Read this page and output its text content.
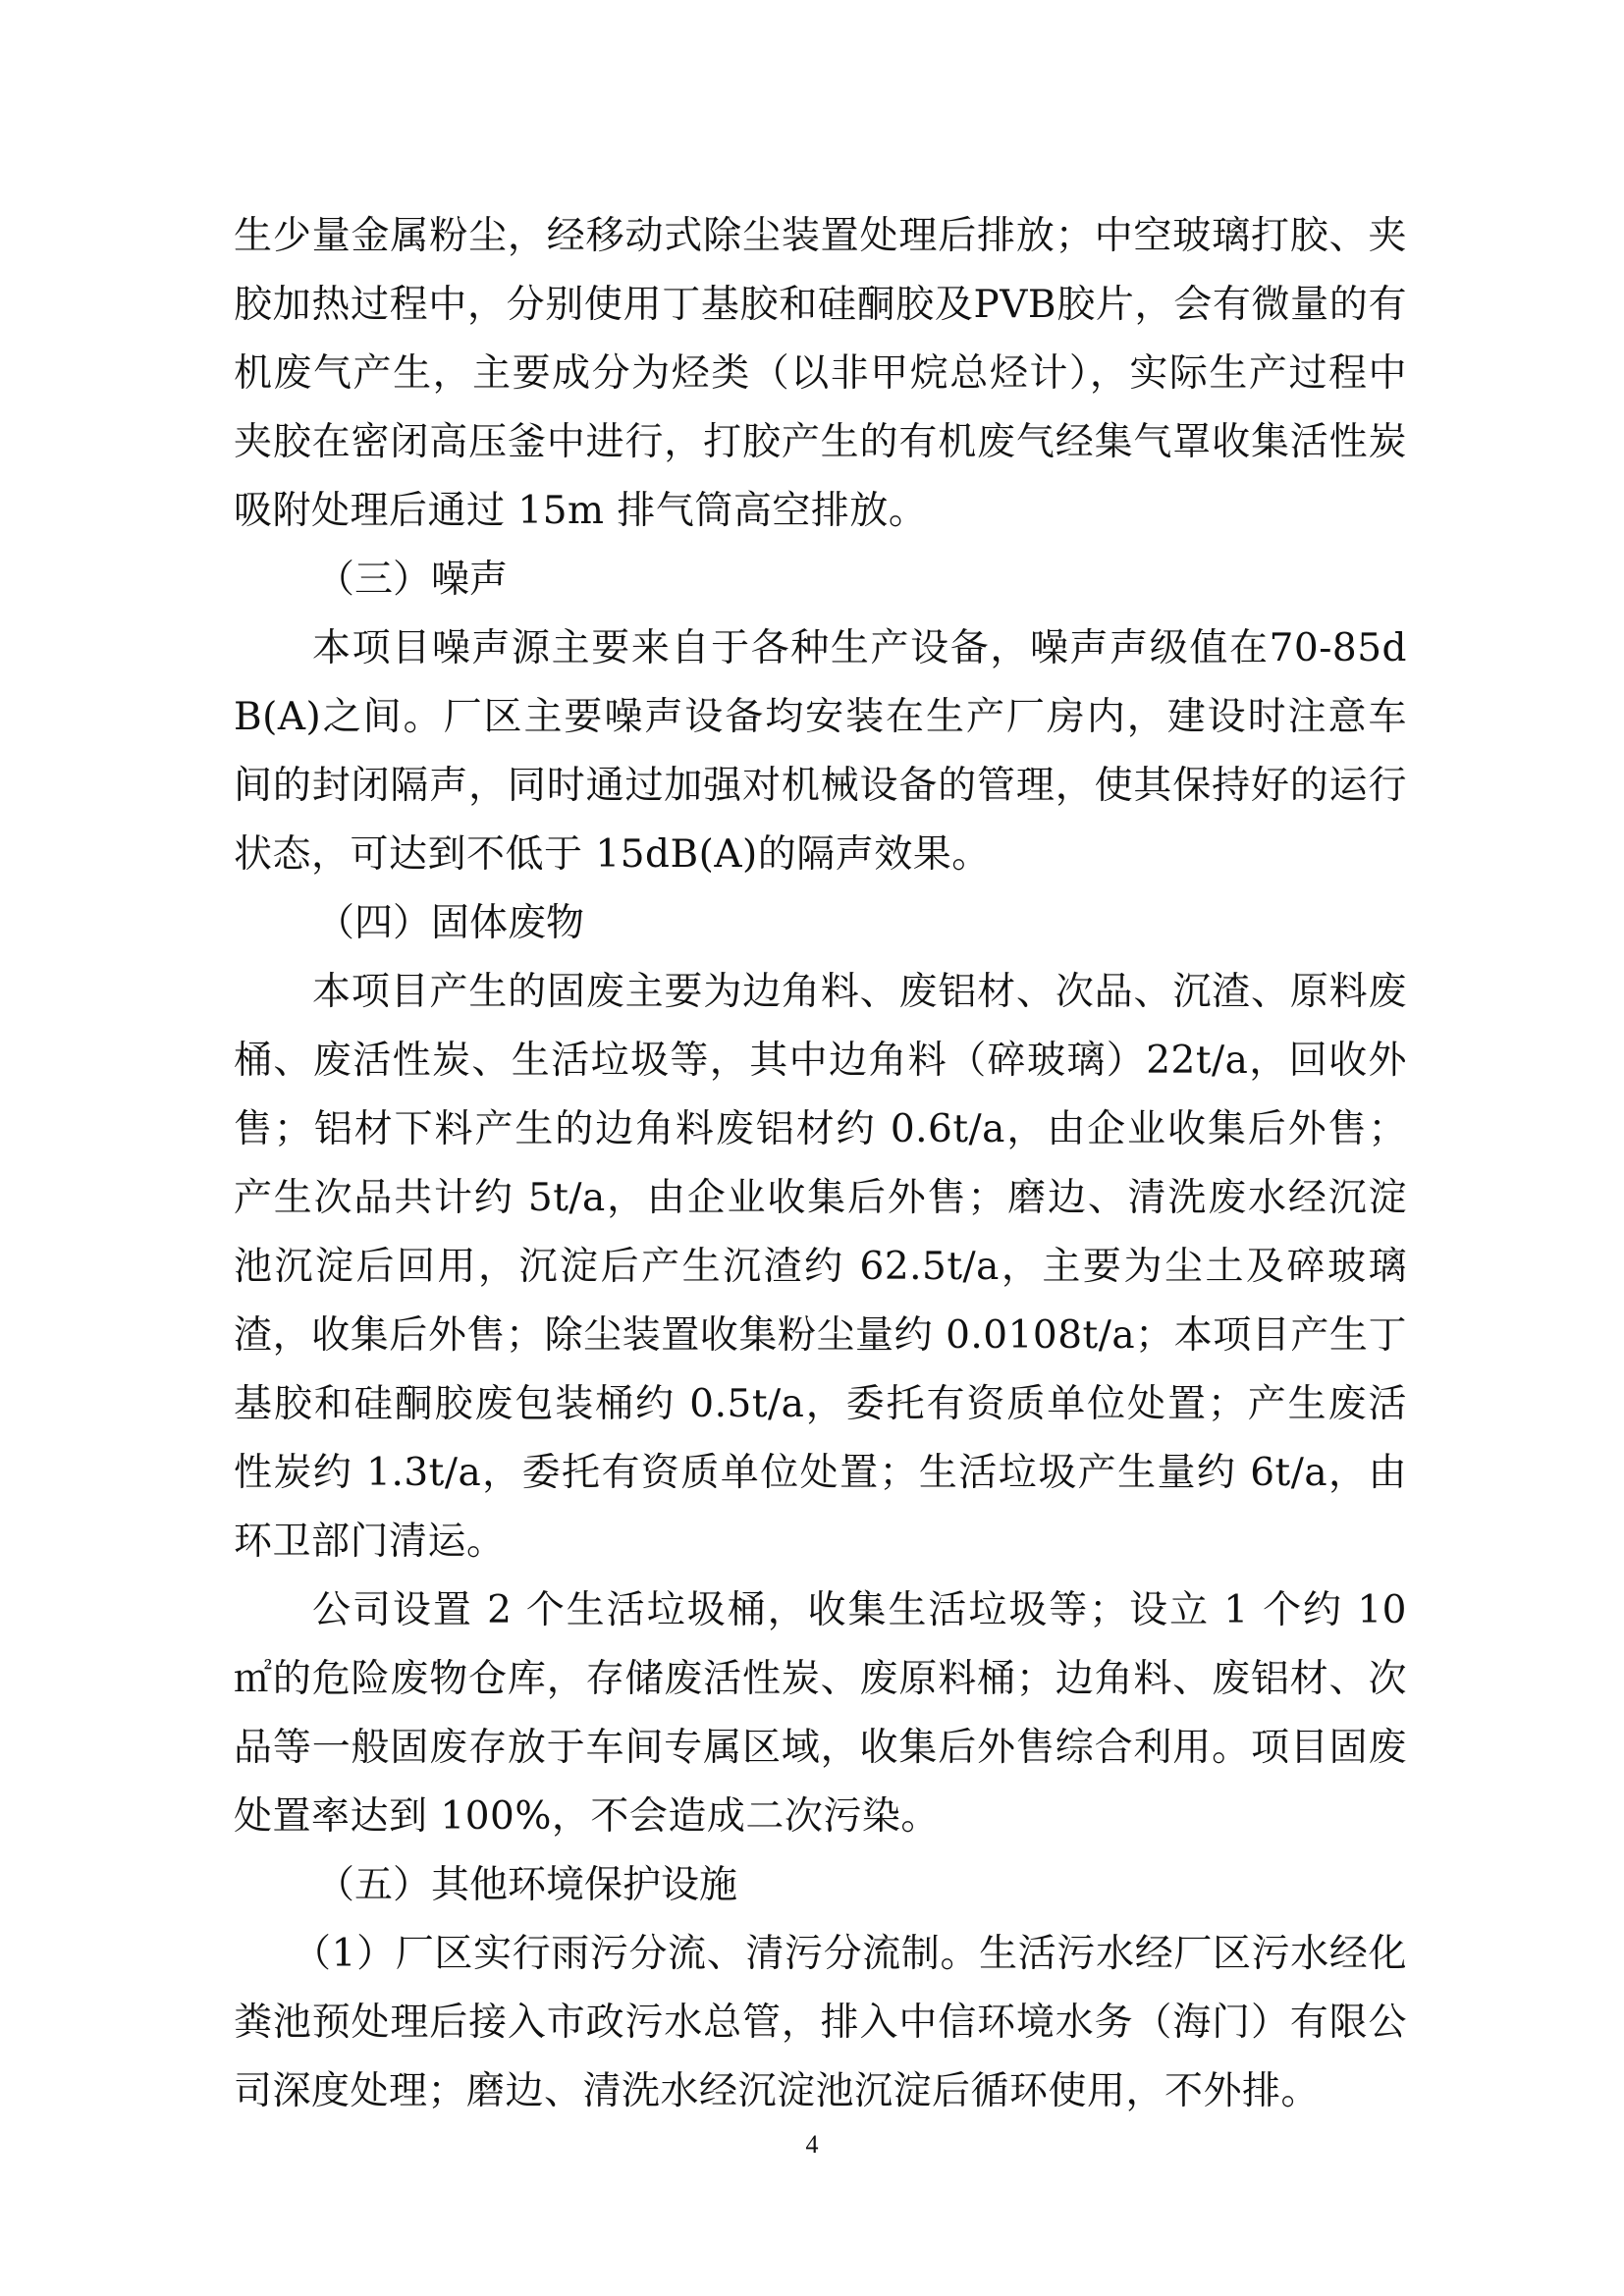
生少量金属粉尘，经移动式除尘装置处理后排放；中空玻璃打胶、夹胶加热过程中，分别使用丁基胶和硅酮胶及PVB胶片，会有微量的有机废气产生，主要成分为烃类（以非甲烷总烃计），实际生产过程中夹胶在密闭高压釜中进行，打胶产生的有机废气经集气罩收集活性炭吸附处理后通过 15m 排气筒高空排放。

（三）噪声

本项目噪声源主要来自于各种生产设备，噪声声级值在70-85dB(A)之间。厂区主要噪声设备均安装在生产厂房内，建设时注意车间的封闭隔声，同时通过加强对机械设备的管理，使其保持好的运行状态，可达到不低于 15dB(A)的隔声效果。

（四）固体废物

本项目产生的固废主要为边角料、废铝材、次品、沉渣、原料废桶、废活性炭、生活垃圾等，其中边角料（碎玻璃）22t/a，回收外售；铝材下料产生的边角料废铝材约 0.6t/a，由企业收集后外售；产生次品共计约 5t/a，由企业收集后外售；磨边、清洗废水经沉淀池沉淀后回用，沉淀后产生沉渣约 62.5t/a，主要为尘土及碎玻璃渣，收集后外售；除尘装置收集粉尘量约 0.0108t/a；本项目产生丁基胶和硅酮胶废包装桶约 0.5t/a，委托有资质单位处置；产生废活性炭约 1.3t/a，委托有资质单位处置；生活垃圾产生量约 6t/a，由环卫部门清运。

公司设置 2 个生活垃圾桶，收集生活垃圾等；设立 1 个约 10 ㎡的危险废物仓库，存储废活性炭、废原料桶；边角料、废铝材、次品等一般固废存放于车间专属区域，收集后外售综合利用。项目固废处置率达到 100%，不会造成二次污染。

（五）其他环境保护设施

（1）厂区实行雨污分流、清污分流制。生活污水经厂区污水经化粪池预处理后接入市政污水总管，排入中信环境水务（海门）有限公司深度处理；磨边、清洗水经沉淀池沉淀后循环使用，不外排。

4
